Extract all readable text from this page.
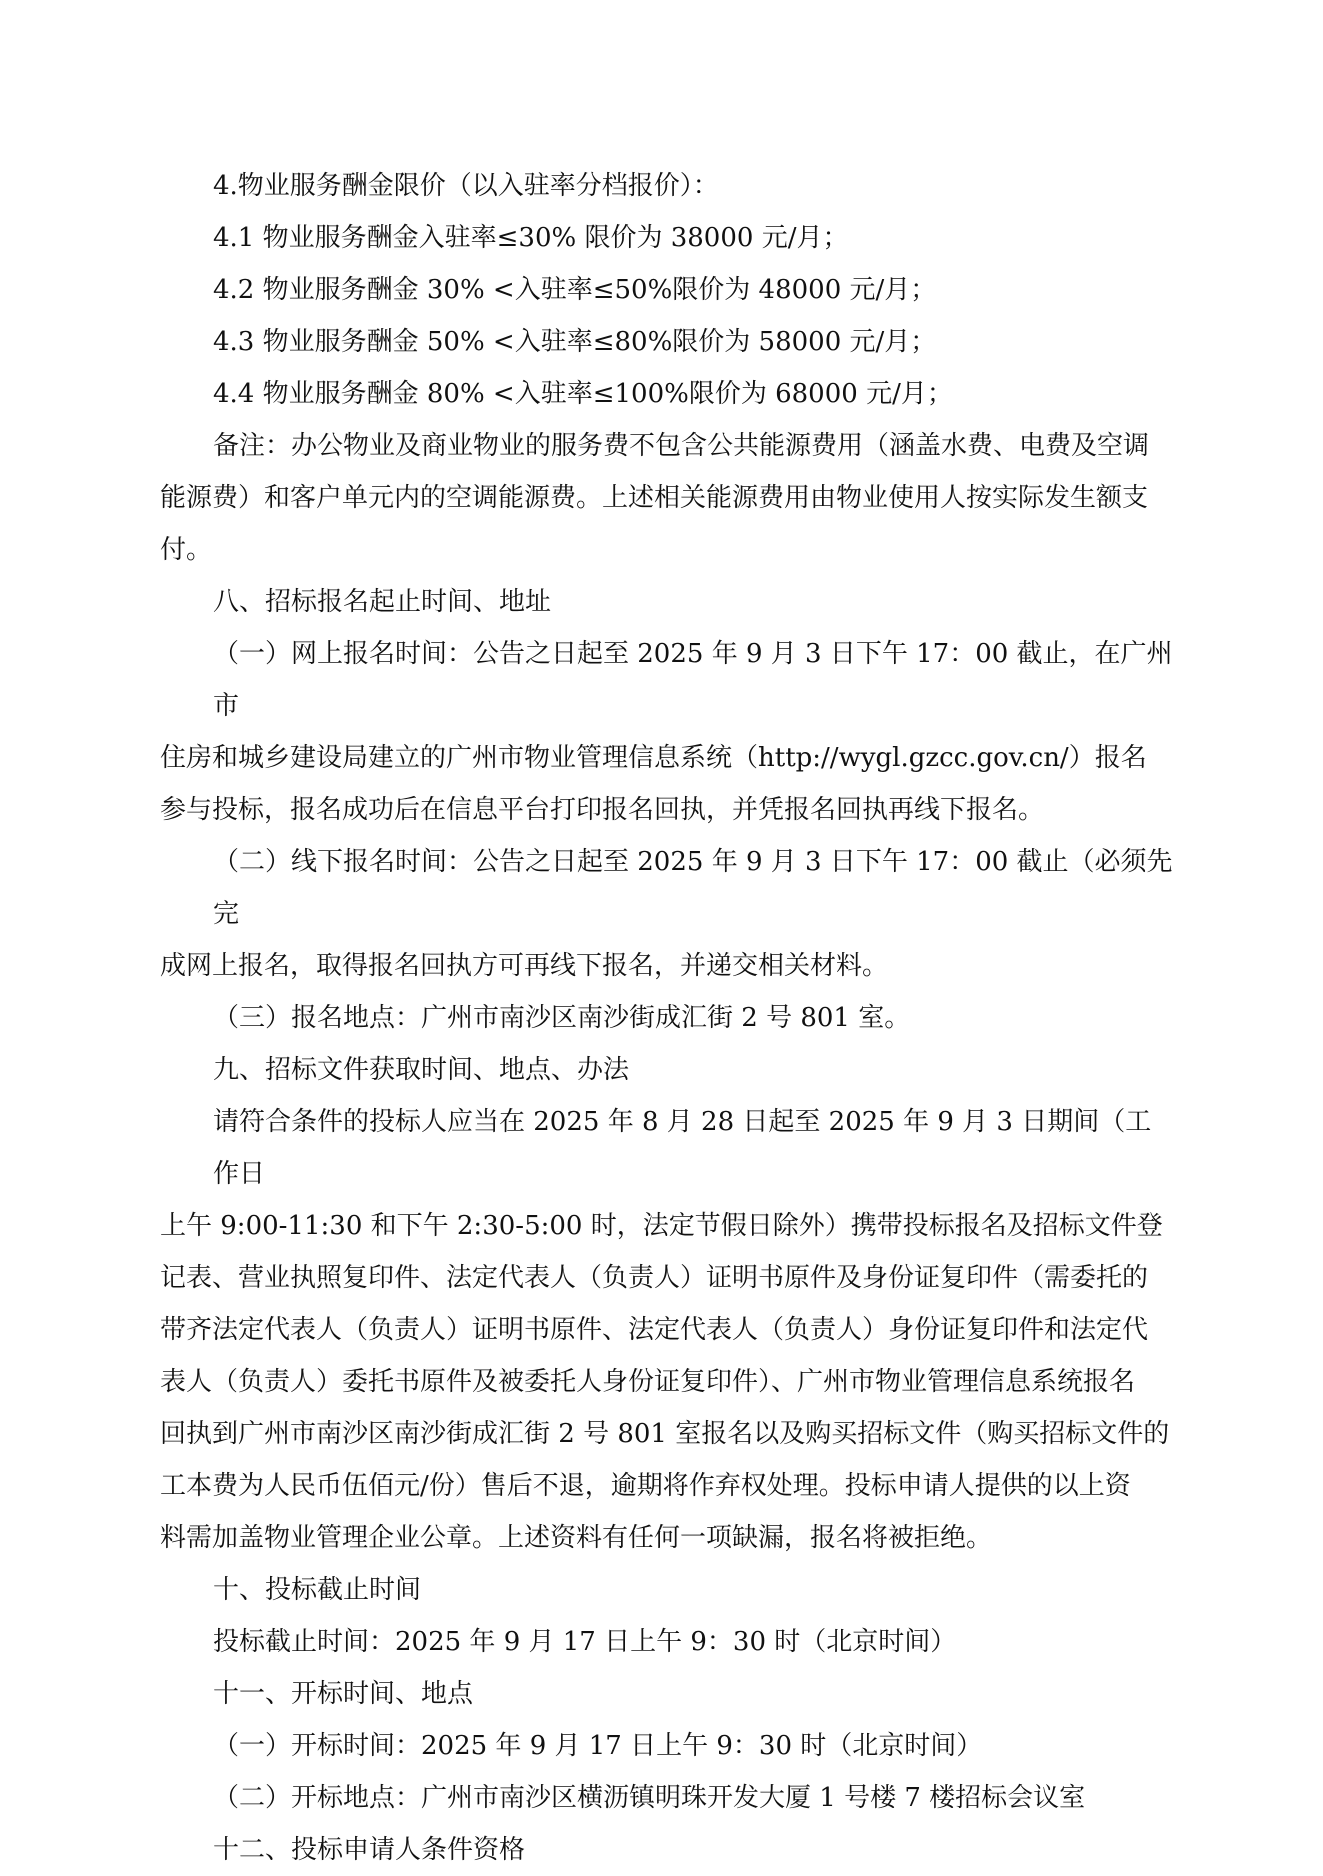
4.物业服务酬金限价（以入驻率分档报价）：

4.1 物业服务酬金入驻率≤30% 限价为 38000 元/月；

4.2 物业服务酬金 30% <入驻率≤50%限价为 48000 元/月；

4.3 物业服务酬金 50% <入驻率≤80%限价为 58000 元/月；

4.4 物业服务酬金 80% <入驻率≤100%限价为 68000 元/月；

备注：办公物业及商业物业的服务费不包含公共能源费用（涵盖水费、电费及空调

能源费）和客户单元内的空调能源费。上述相关能源费用由物业使用人按实际发生额支

付。

八、招标报名起止时间、地址

（一）网上报名时间：公告之日起至 2025 年 9 月 3 日下午 17：00 截止，在广州市

住房和城乡建设局建立的广州市物业管理信息系统（http://wygl.gzcc.gov.cn/）报名

参与投标，报名成功后在信息平台打印报名回执，并凭报名回执再线下报名。

（二）线下报名时间：公告之日起至 2025 年 9 月 3 日下午 17：00 截止（必须先完

成网上报名，取得报名回执方可再线下报名，并递交相关材料。

（三）报名地点：广州市南沙区南沙街成汇街 2 号 801 室。

九、招标文件获取时间、地点、办法

请符合条件的投标人应当在 2025 年 8 月 28 日起至 2025 年 9 月 3 日期间（工作日

上午 9:00-11:30 和下午 2:30-5:00 时，法定节假日除外）携带投标报名及招标文件登

记表、营业执照复印件、法定代表人（负责人）证明书原件及身份证复印件（需委托的

带齐法定代表人（负责人）证明书原件、法定代表人（负责人）身份证复印件和法定代

表人（负责人）委托书原件及被委托人身份证复印件）、广州市物业管理信息系统报名

回执到广州市南沙区南沙街成汇街 2 号 801 室报名以及购买招标文件（购买招标文件的

工本费为人民币伍佰元/份）售后不退，逾期将作弃权处理。投标申请人提供的以上资

料需加盖物业管理企业公章。上述资料有任何一项缺漏，报名将被拒绝。

十、投标截止时间

投标截止时间：2025 年 9 月 17 日上午 9：30 时（北京时间）

十一、开标时间、地点

（一）开标时间：2025 年 9 月 17 日上午 9：30 时（北京时间）

（二）开标地点：广州市南沙区横沥镇明珠开发大厦 1 号楼 7 楼招标会议室

十二、投标申请人条件资格
